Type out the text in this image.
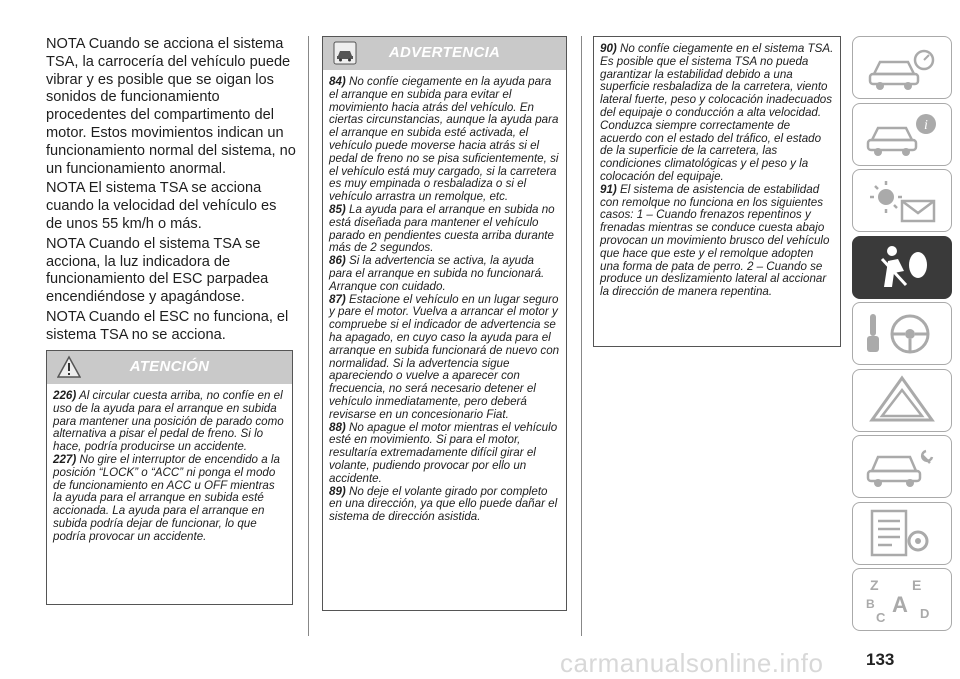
NOTA Cuando se acciona el sistema TSA, la carrocería del vehículo puede vibrar y es posible que se oigan los sonidos de funcionamiento procedentes del compartimento del motor. Estos movimientos indican un funcionamiento normal del sistema, no un funcionamiento anormal.

NOTA El sistema TSA se acciona cuando la velocidad del vehículo es de unos 55 km/h o más.

NOTA Cuando el sistema TSA se acciona, la luz indicadora de funcionamiento del ESC parpadea encendiéndose y apagándose.

NOTA Cuando el ESC no funciona, el sistema TSA no se acciona.

ATENCIÓN

226) Al circular cuesta arriba, no confíe en el uso de la ayuda para el arranque en subida para mantener una posición de parado como alternativa a pisar el pedal de freno. Si lo hace, podría producirse un accidente.

227) No gire el interruptor de encendido a la posición “LOCK” o “ACC” ni ponga el modo de funcionamiento en ACC u OFF mientras la ayuda para el arranque en subida esté accionada. La ayuda para el arranque en subida podría dejar de funcionar, lo que podría provocar un accidente.

ADVERTENCIA

84) No confíe ciegamente en la ayuda para el arranque en subida para evitar el movimiento hacia atrás del vehículo. En ciertas circunstancias, aunque la ayuda para el arranque en subida esté activada, el vehículo puede moverse hacia atrás si el pedal de freno no se pisa suficientemente, si el vehículo está muy cargado, si la carretera es muy empinada o resbaladiza o si el vehículo arrastra un remolque, etc.

85) La ayuda para el arranque en subida no está diseñada para mantener el vehículo parado en pendientes cuesta arriba durante más de 2 segundos.

86) Si la advertencia se activa, la ayuda para el arranque en subida no funcionará. Arranque con cuidado.

87) Estacione el vehículo en un lugar seguro y pare el motor. Vuelva a arrancar el motor y compruebe si el indicador de advertencia se ha apagado, en cuyo caso la ayuda para el arranque en subida funcionará de nuevo con normalidad. Si la advertencia sigue apareciendo o vuelve a aparecer con frecuencia, no será necesario detener el vehículo inmediatamente, pero deberá revisarse en un concesionario Fiat.

88) No apague el motor mientras el vehículo esté en movimiento. Si para el motor, resultaría extremadamente difícil girar el volante, pudiendo provocar por ello un accidente.

89) No deje el volante girado por completo en una dirección, ya que ello puede dañar el sistema de dirección asistida.

90) No confíe ciegamente en el sistema TSA. Es posible que el sistema TSA no pueda garantizar la estabilidad debido a una superficie resbaladiza de la carretera, viento lateral fuerte, peso y colocación inadecuados del equipaje o conducción a alta velocidad. Conduzca siempre correctamente de acuerdo con el estado del tráfico, el estado de la superficie de la carretera, las condiciones climatológicas y el peso y la colocación del equipaje.

91) El sistema de asistencia de estabilidad con remolque no funciona en los siguientes casos: 1 – Cuando frenazos repentinos y frenadas mientras se conduce cuesta abajo provocan un movimiento brusco del vehículo que hace que este y el remolque adopten una forma de pata de perro. 2 – Cuando se produce un deslizamiento lateral al accionar la dirección de manera repentina.

i
Z E
B A
C	D
carmanualsonline.info	133
